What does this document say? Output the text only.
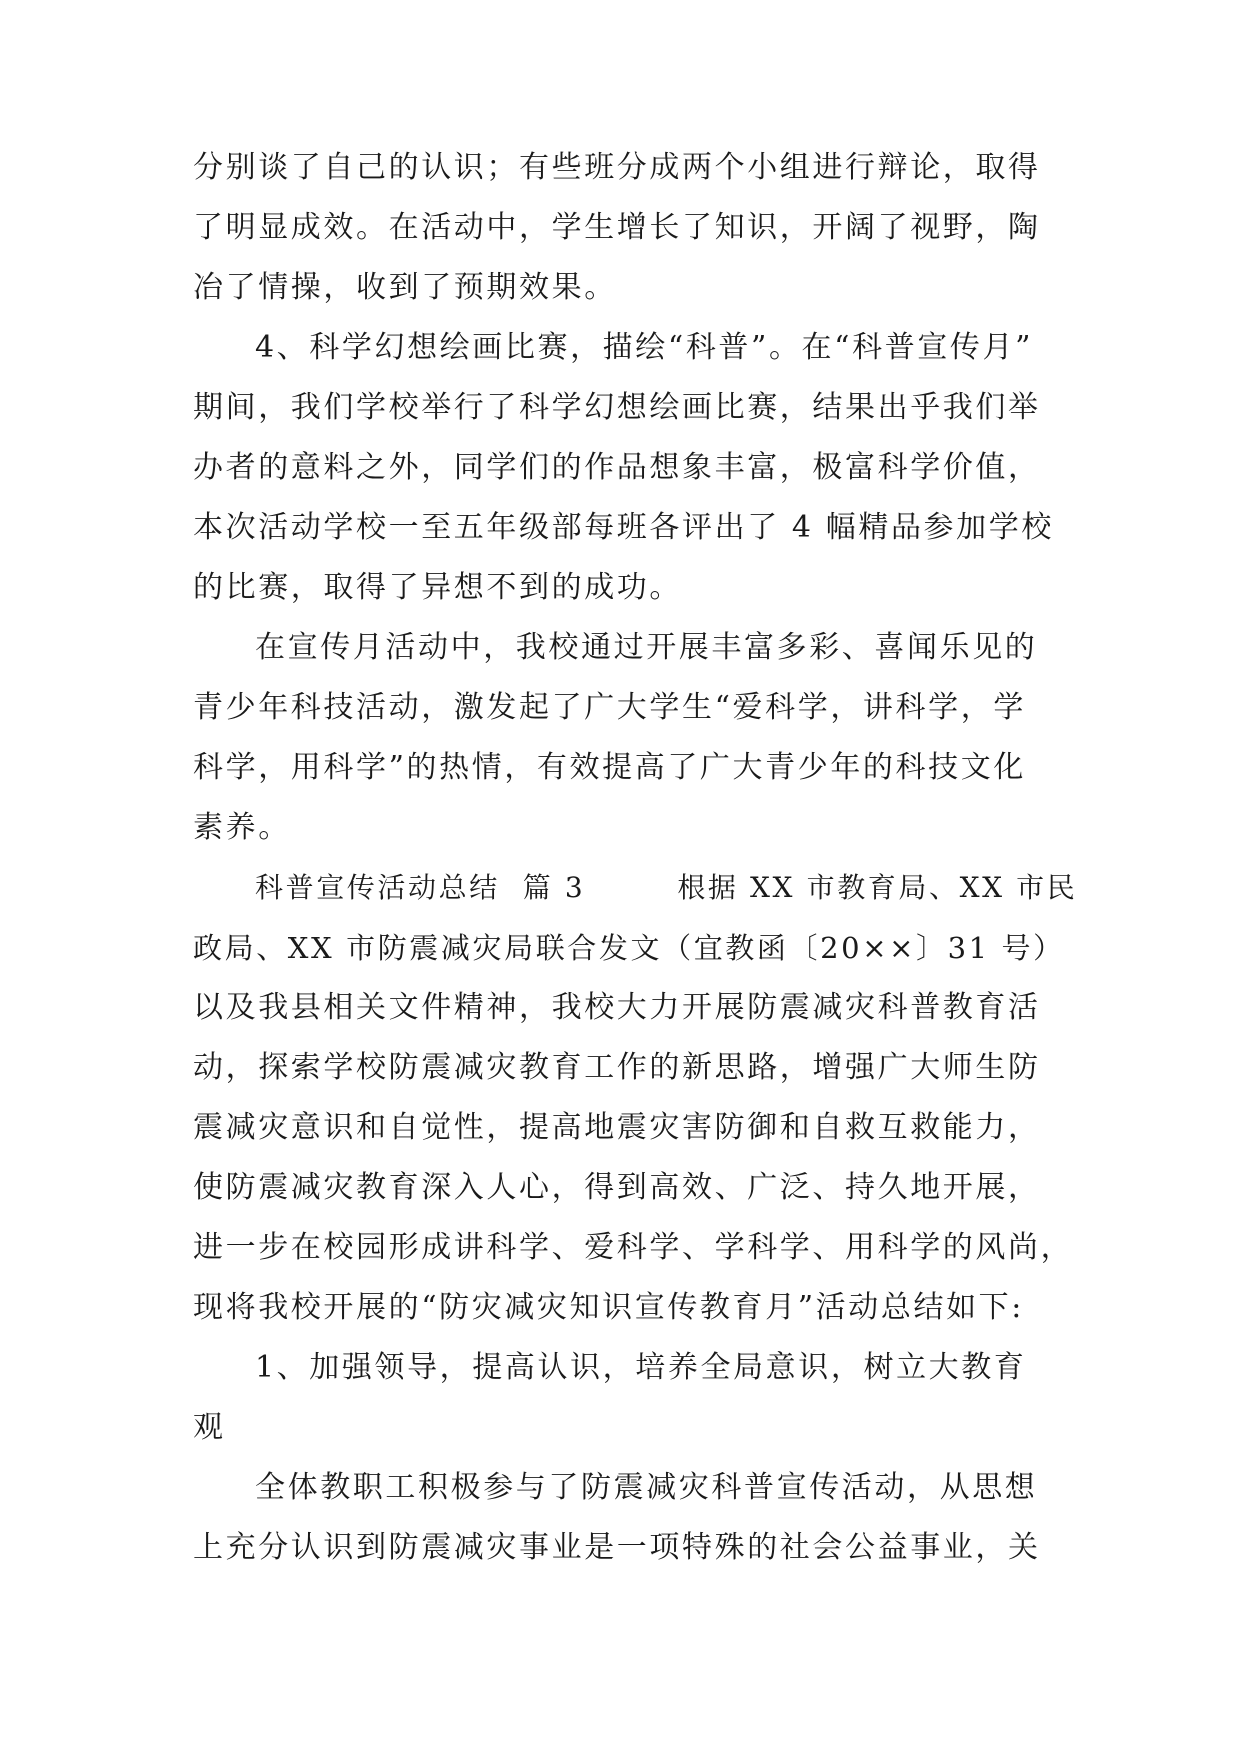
分别谈了自己的认识；有些班分成两个小组进行辩论，取得
了明显成效。在活动中，学生增长了知识，开阔了视野，陶
冶了情操，收到了预期效果。
4、科学幻想绘画比赛，描绘“科普”。在“科普宣传月”
期间，我们学校举行了科学幻想绘画比赛，结果出乎我们举
办者的意料之外，同学们的作品想象丰富，极富科学价值，
本次活动学校一至五年级部每班各评出了 4 幅精品参加学校
的比赛，取得了异想不到的成功。
在宣传月活动中，我校通过开展丰富多彩、喜闻乐见的
青少年科技活动，激发起了广大学生“爱科学，讲科学，学
科学，用科学”的热情，有效提高了广大青少年的科技文化
素养。
科普宣传活动总结  篇 3        根据 XX 市教育局、XX 市民
政局、XX 市防震减灾局联合发文（宜教函〔20××〕31 号）
以及我县相关文件精神，我校大力开展防震减灾科普教育活
动，探索学校防震减灾教育工作的新思路，增强广大师生防
震减灾意识和自觉性，提高地震灾害防御和自救互救能力，
使防震减灾教育深入人心，得到高效、广泛、持久地开展，
进一步在校园形成讲科学、爱科学、学科学、用科学的风尚，
现将我校开展的“防灾减灾知识宣传教育月”活动总结如下:
1、加强领导，提高认识，培养全局意识，树立大教育
观
全体教职工积极参与了防震减灾科普宣传活动，从思想
上充分认识到防震减灾事业是一项特殊的社会公益事业，关
